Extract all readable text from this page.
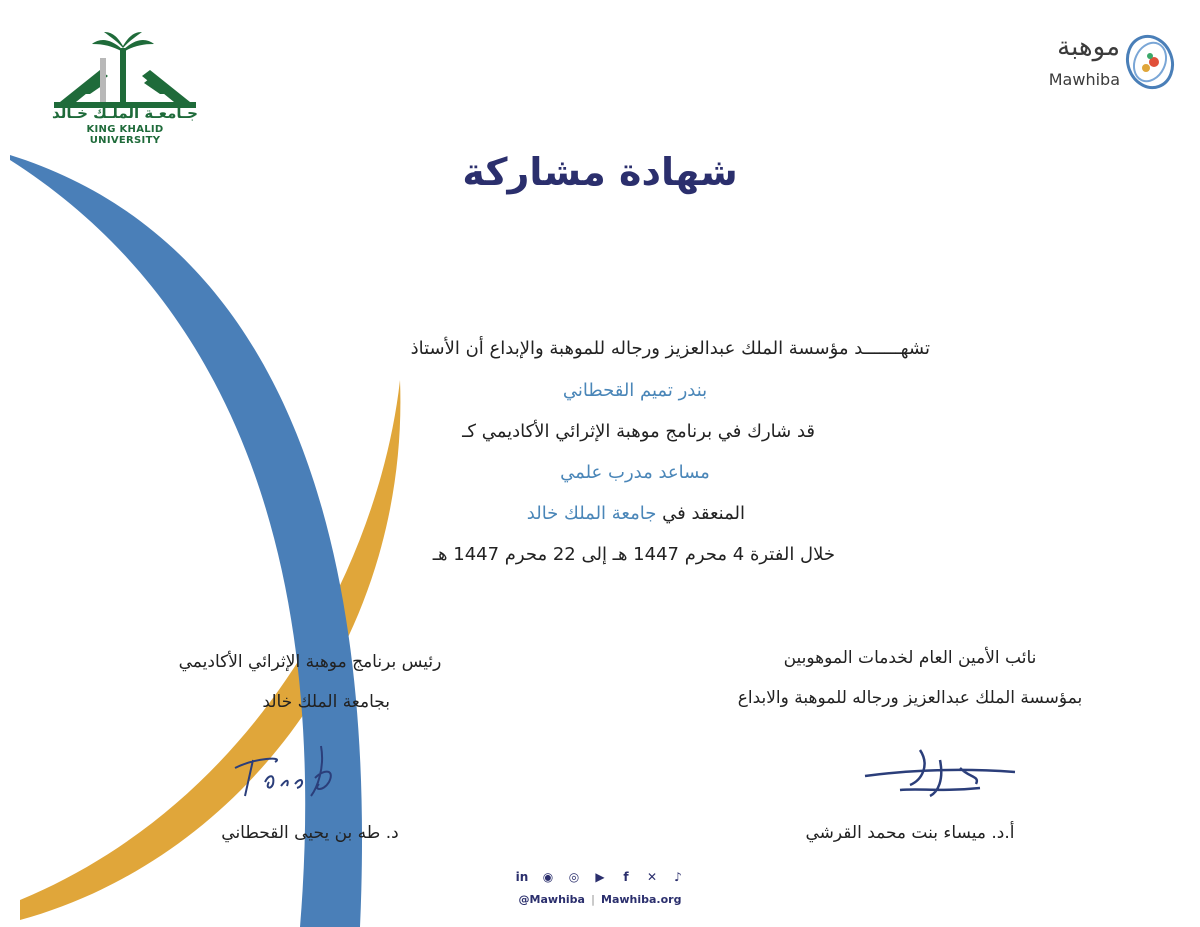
جـامعـة الملـك خـالد
KING KHALID UNIVERSITY
موهبة
Mawhiba
شهادة مشاركة
تشهـــــــد مؤسسة الملك عبدالعزيز ورجاله للموهبة والإبداع أن الأستاذ
بندر تميم القحطاني
قد شارك في برنامج موهبة الإثرائي الأكاديمي كـ
مساعد مدرب علمي
المنعقد في جامعة الملك خالد
خلال الفترة 4 محرم 1447 هـ إلى 22 محرم 1447 هـ
رئيس برنامج موهبة الإثرائي الأكاديمي
بجامعة الملك خالد
نائب الأمين العام لخدمات الموهوبين
بمؤسسة الملك عبدالعزيز ورجاله للموهبة والابداع
د. طه بن يحيى القحطاني	أ.د. ميساء بنت محمد القرشي
in	◉	◎	▶	f	✕	♪
@Mawhiba | Mawhiba.org
